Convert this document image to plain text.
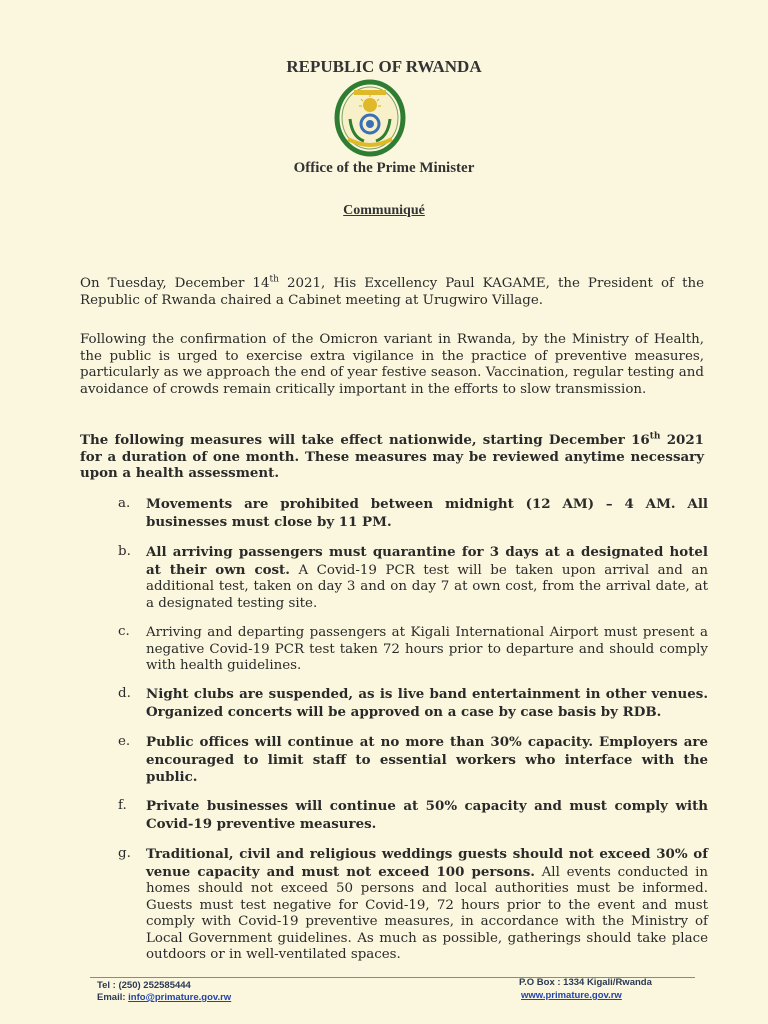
REPUBLIC OF RWANDA
Office of the Prime Minister
Communiqué

On Tuesday, December 14th 2021, His Excellency Paul KAGAME, the President of the Republic of Rwanda chaired a Cabinet meeting at Urugwiro Village.

Following the confirmation of the Omicron variant in Rwanda, by the Ministry of Health, the public is urged to exercise extra vigilance in the practice of preventive measures, particularly as we approach the end of year festive season. Vaccination, regular testing and avoidance of crowds remain critically important in the efforts to slow transmission.

The following measures will take effect nationwide, starting December 16th 2021 for a duration of one month. These measures may be reviewed anytime necessary upon a health assessment.

a.	Movements are prohibited between midnight (12 AM) – 4 AM. All businesses must close by 11 PM.
b.	All arriving passengers must quarantine for 3 days at a designated hotel at their own cost. A Covid-19 PCR test will be taken upon arrival and an additional test, taken on day 3 and on day 7 at own cost, from the arrival date, at a designated testing site.
c.	Arriving and departing passengers at Kigali International Airport must present a negative Covid-19 PCR test taken 72 hours prior to departure and should comply with health guidelines.
d.	Night clubs are suspended, as is live band entertainment in other venues. Organized concerts will be approved on a case by case basis by RDB.
e.	Public offices will continue at no more than 30% capacity. Employers are encouraged to limit staff to essential workers who interface with the public.
f.	Private businesses will continue at 50% capacity and must comply with Covid-19 preventive measures.
g.	Traditional, civil and religious weddings guests should not exceed 30% of venue capacity and must not exceed 100 persons. All events conducted in homes should not exceed 50 persons and local authorities must be informed. Guests must test negative for Covid-19, 72 hours prior to the event and must comply with Covid-19 preventive measures, in accordance with the Ministry of Local Government guidelines. As much as possible, gatherings should take place outdoors or in well-ventilated spaces.
Tel : (250) 252585444
Email: info@primature.gov.rw
P.O Box : 1334 Kigali/Rwanda
www.primature.gov.rw
